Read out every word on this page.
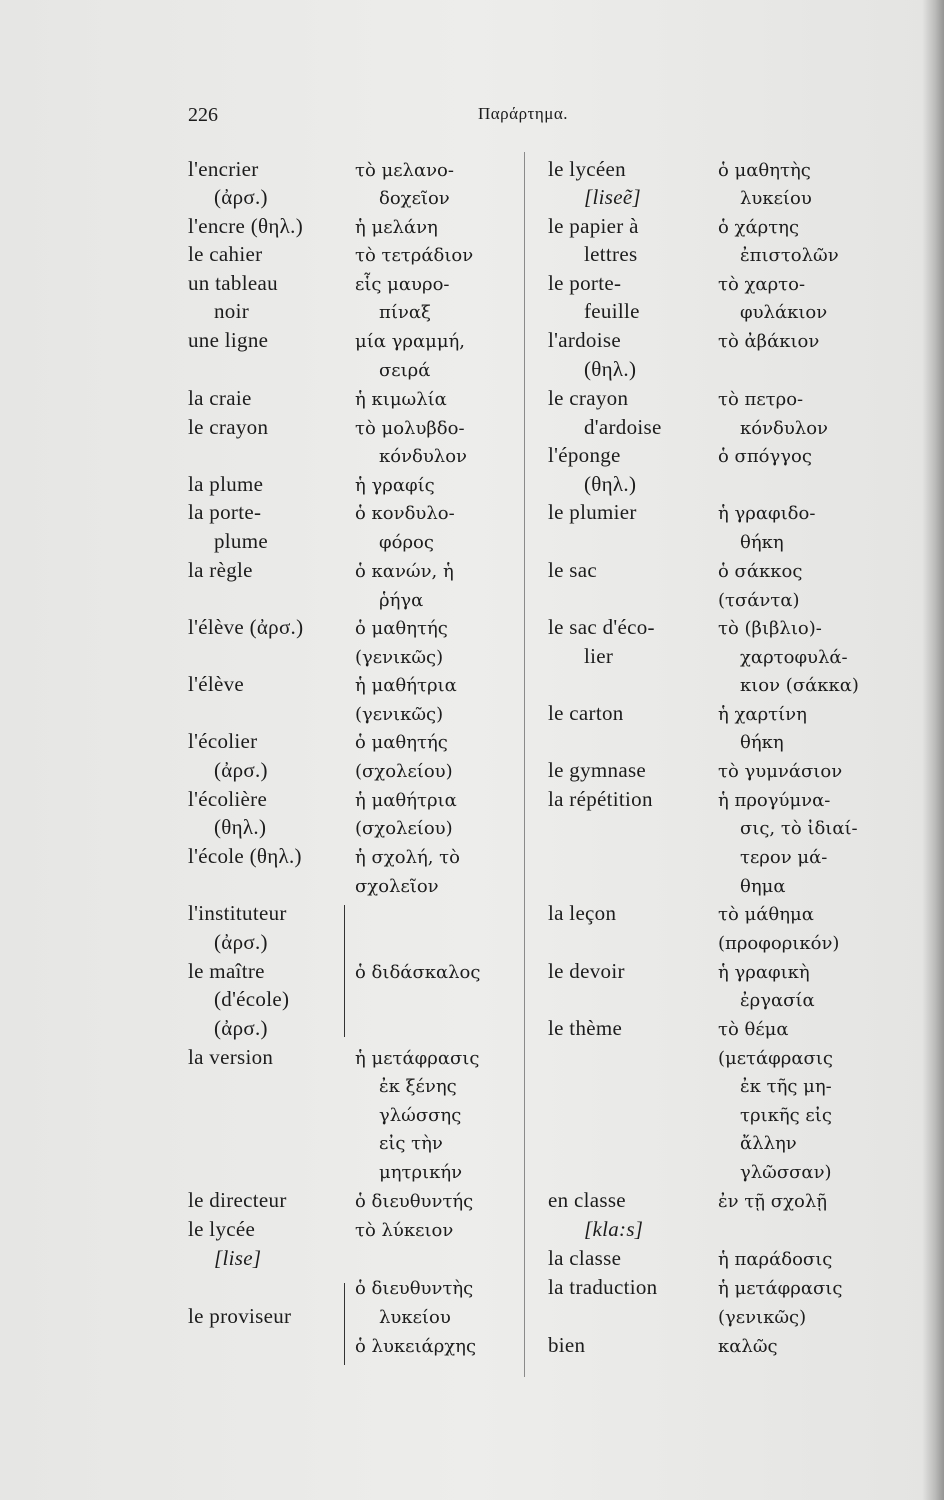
226	Παράρτημα.
l'encrier	τὸ μελανο-
(ἀρσ.)	δοχεῖον
l'encre (θηλ.)	ἡ μελάνη
le cahier	τὸ τετράδιον
un tableau	εἷς μαυρο-
noir	πίναξ
une ligne	μία γραμμή,
σειρά
la craie	ἡ κιμωλία
le crayon	τὸ μολυβδο-
κόνδυλον
la plume	ἡ γραφίς
la porte-	ὁ κονδυλο-
plume	φόρος
la règle	ὁ κανών, ἡ
ῥήγα
l'élève (ἀρσ.)	ὁ μαθητής
(γενικῶς)
l'élève	ἡ μαθήτρια
(γενικῶς)
l'écolier	ὁ μαθητής
(ἀρσ.)	(σχολείου)
l'écolière	ἡ μαθήτρια
(θηλ.)	(σχολείου)
l'école (θηλ.)	ἡ σχολή, τὸ
σχολεῖον
l'instituteur
(ἀρσ.)
le maître	ὁ διδάσκαλος
(d'école)
(ἀρσ.)
la version	ἡ μετάφρασις
ἐκ ξένης
γλώσσης
εἰς τὴν
μητρικήν
le directeur	ὁ διευθυντής
le lycée	τὸ λύκειον
[lise]
ὁ διευθυντὴς
le proviseur	λυκείου
ὁ λυκειάρχης
le lycéen	ὁ μαθητὴς
[liseẽ]	λυκείου
le papier à	ὁ χάρτης
lettres	ἐπιστολῶν
le porte-	τὸ χαρτο-
feuille	φυλάκιον
l'ardoise	τὸ ἀβάκιον
(θηλ.)
le crayon	τὸ πετρο-
d'ardoise	κόνδυλον
l'éponge	ὁ σπόγγος
(θηλ.)
le plumier	ἡ γραφιδο-
θήκη
le sac	ὁ σάκκος
(τσάντα)
le sac d'éco-	τὸ (βιβλιο)-
lier	χαρτοφυλά-
κιον (σάκκα)
le carton	ἡ χαρτίνη
θήκη
le gymnase	τὸ γυμνάσιον
la répétition	ἡ προγύμνα-
σις, τὸ ἰδιαί-
τερον μά-
θημα
la leçon	τὸ μάθημα
(προφορικόν)
le devoir	ἡ γραφικὴ
ἐργασία
le thème	τὸ θέμα
(μετάφρασις
ἐκ τῆς μη-
τρικῆς εἰς
ἄλλην
γλῶσσαν)
en classe	ἐν τῇ σχολῇ
[kla:s]
la classe	ἡ παράδοσις
la traduction	ἡ μετάφρασις
(γενικῶς)
bien	καλῶς
